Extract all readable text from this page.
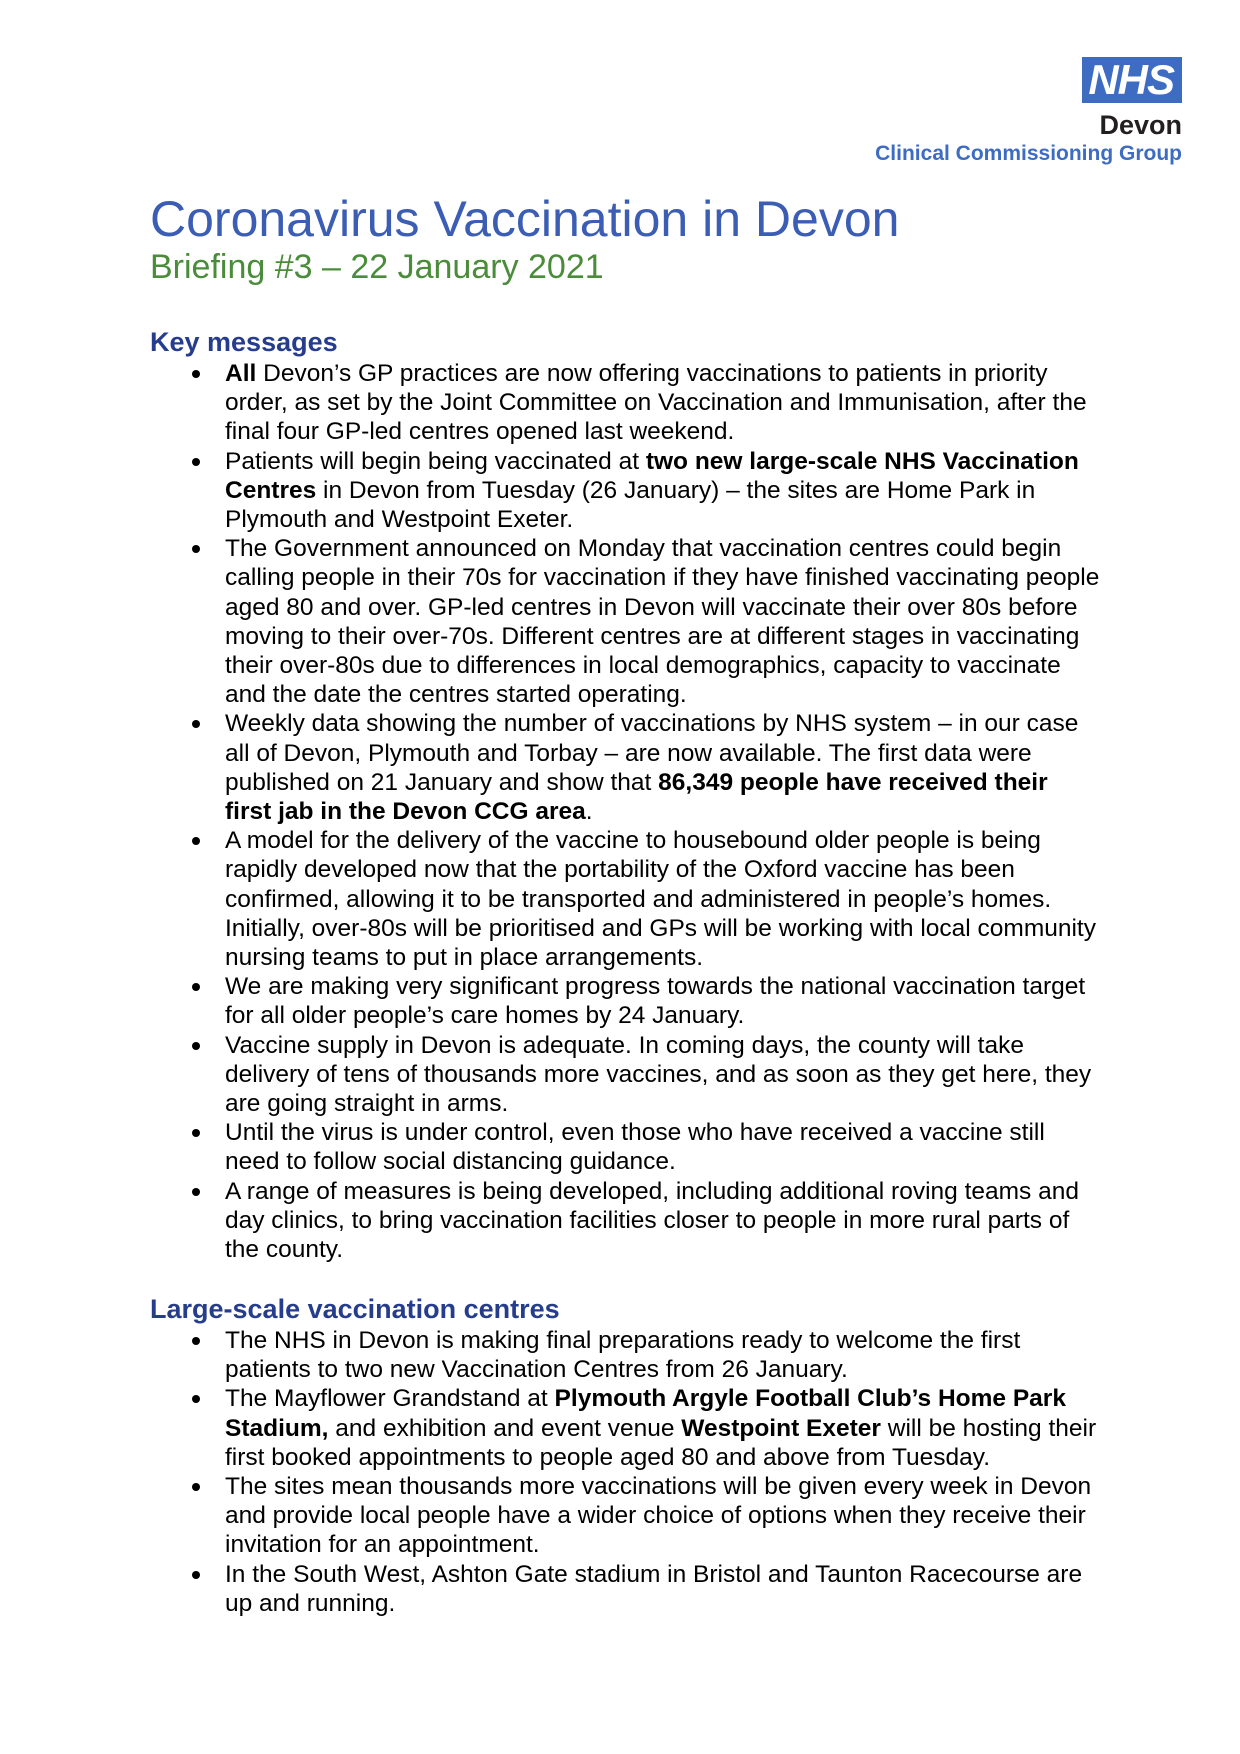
NHS
Devon
Clinical Commissioning Group
Coronavirus Vaccination in Devon
Briefing #3 – 22 January 2021
Key messages
All Devon’s GP practices are now offering vaccinations to patients in priority order, as set by the Joint Committee on Vaccination and Immunisation, after the final four GP-led centres opened last weekend.
Patients will begin being vaccinated at two new large-scale NHS Vaccination Centres in Devon from Tuesday (26 January) – the sites are Home Park in Plymouth and Westpoint Exeter.
The Government announced on Monday that vaccination centres could begin calling people in their 70s for vaccination if they have finished vaccinating people aged 80 and over. GP-led centres in Devon will vaccinate their over 80s before moving to their over-70s. Different centres are at different stages in vaccinating their over-80s due to differences in local demographics, capacity to vaccinate and the date the centres started operating.
Weekly data showing the number of vaccinations by NHS system – in our case all of Devon, Plymouth and Torbay – are now available. The first data were published on 21 January and show that 86,349 people have received their first jab in the Devon CCG area.
A model for the delivery of the vaccine to housebound older people is being rapidly developed now that the portability of the Oxford vaccine has been confirmed, allowing it to be transported and administered in people’s homes. Initially, over-80s will be prioritised and GPs will be working with local community nursing teams to put in place arrangements.
We are making very significant progress towards the national vaccination target for all older people’s care homes by 24 January.
Vaccine supply in Devon is adequate. In coming days, the county will take delivery of tens of thousands more vaccines, and as soon as they get here, they are going straight in arms.
Until the virus is under control, even those who have received a vaccine still need to follow social distancing guidance.
A range of measures is being developed, including additional roving teams and day clinics, to bring vaccination facilities closer to people in more rural parts of the county.
Large-scale vaccination centres
The NHS in Devon is making final preparations ready to welcome the first patients to two new Vaccination Centres from 26 January.
The Mayflower Grandstand at Plymouth Argyle Football Club’s Home Park Stadium, and exhibition and event venue Westpoint Exeter will be hosting their first booked appointments to people aged 80 and above from Tuesday.
The sites mean thousands more vaccinations will be given every week in Devon and provide local people have a wider choice of options when they receive their invitation for an appointment.
In the South West, Ashton Gate stadium in Bristol and Taunton Racecourse are up and running.
